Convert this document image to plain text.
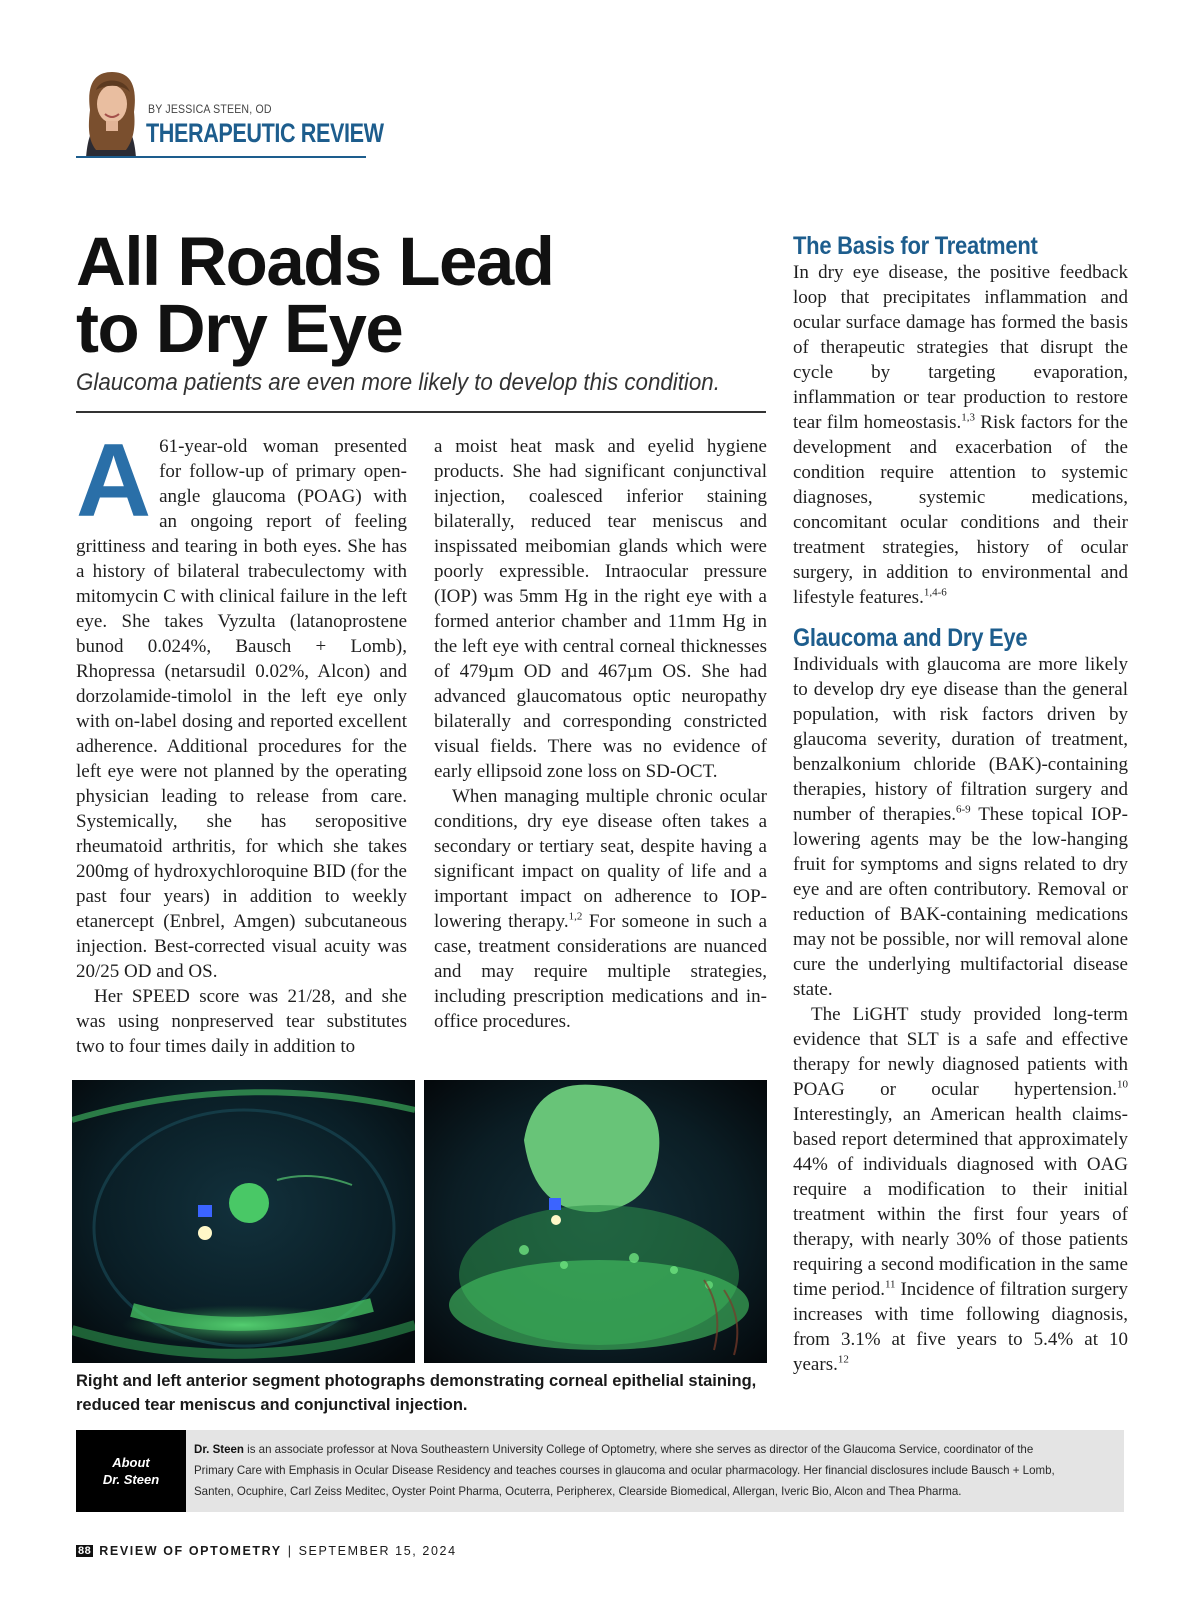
BY JESSICA STEEN, OD
THERAPEUTIC REVIEW
All Roads Lead
to Dry Eye
Glaucoma patients are even more likely to develop this condition.

A 61-year-old woman presented for follow-up of primary open-angle glaucoma (POAG) with an ongoing report of feeling grittiness and tearing in both eyes. She has a history of bilateral trabeculectomy with mitomycin C with clinical failure in the left eye. She takes Vyzulta (latanoprostene bunod 0.024%, Bausch + Lomb), Rhopressa (netarsudil 0.02%, Alcon) and dorzolamide-timolol in the left eye only with on-label dosing and reported excellent adherence. Additional procedures for the left eye were not planned by the operating physician leading to release from care. Systemically, she has seropositive rheumatoid arthritis, for which she takes 200mg of hydroxychloroquine BID (for the past four years) in addition to weekly etanercept (Enbrel, Amgen) subcutaneous injection. Best-corrected visual acuity was 20/25 OD and OS.

Her SPEED score was 21/28, and she was using nonpreserved tear substitutes two to four times daily in addition to

a moist heat mask and eyelid hygiene products. She had significant conjunctival injection, coalesced inferior staining bilaterally, reduced tear meniscus and inspissated meibomian glands which were poorly expressible. Intraocular pressure (IOP) was 5mm Hg in the right eye with a formed anterior chamber and 11mm Hg in the left eye with central corneal thicknesses of 479µm OD and 467µm OS. She had advanced glaucomatous optic neuropathy bilaterally and corresponding constricted visual fields. There was no evidence of early ellipsoid zone loss on SD-OCT.

When managing multiple chronic ocular conditions, dry eye disease often takes a secondary or tertiary seat, despite having a significant impact on quality of life and a important impact on adherence to IOP-lowering therapy.$^{1,2}$ For someone in such a case, treatment considerations are nuanced and may require multiple strategies, including prescription medications and in-office procedures.

The Basis for Treatment

In dry eye disease, the positive feedback loop that precipitates inflammation and ocular surface damage has formed the basis of therapeutic strategies that disrupt the cycle by targeting evaporation, inflammation or tear production to restore tear film homeostasis.$^{1,3}$ Risk factors for the development and exacerbation of the condition require attention to systemic diagnoses, systemic medications, concomitant ocular conditions and their treatment strategies, history of ocular surgery, in addition to environmental and lifestyle features.$^{1,4-6}$

Glaucoma and Dry Eye

Individuals with glaucoma are more likely to develop dry eye disease than the general population, with risk factors driven by glaucoma severity, duration of treatment, benzalkonium chloride (BAK)-containing therapies, history of filtration surgery and number of therapies.$^{6-9}$ These topical IOP-lowering agents may be the low-hanging fruit for symptoms and signs related to dry eye and are often contributory. Removal or reduction of BAK-containing medications may not be possible, nor will removal alone cure the underlying multifactorial disease state.

The LiGHT study provided long-term evidence that SLT is a safe and effective therapy for newly diagnosed patients with POAG or ocular hypertension.$^{10}$ Interestingly, an American health claims-based report determined that approximately 44% of individuals diagnosed with OAG require a modification to their initial treatment within the first four years of therapy, with nearly 30% of those patients requiring a second modification in the same time period.$^{11}$ Incidence of filtration surgery increases with time following diagnosis, from 3.1% at five years to 5.4% at 10 years.$^{12}$

Right and left anterior segment photographs demonstrating corneal epithelial staining, reduced tear meniscus and conjunctival injection.
About
Dr. Steen
Dr. Steen is an associate professor at Nova Southeastern University College of Optometry, where she serves as director of the Glaucoma Service, coordinator of the Primary Care with Emphasis in Ocular Disease Residency and teaches courses in glaucoma and ocular pharmacology. Her financial disclosures include Bausch + Lomb, Santen, Ocuphire, Carl Zeiss Meditec, Oyster Point Pharma, Ocuterra, Peripherex, Clearside Biomedical, Allergan, Iveric Bio, Alcon and Thea Pharma.
88 REVIEW OF OPTOMETRY | SEPTEMBER 15, 2024
